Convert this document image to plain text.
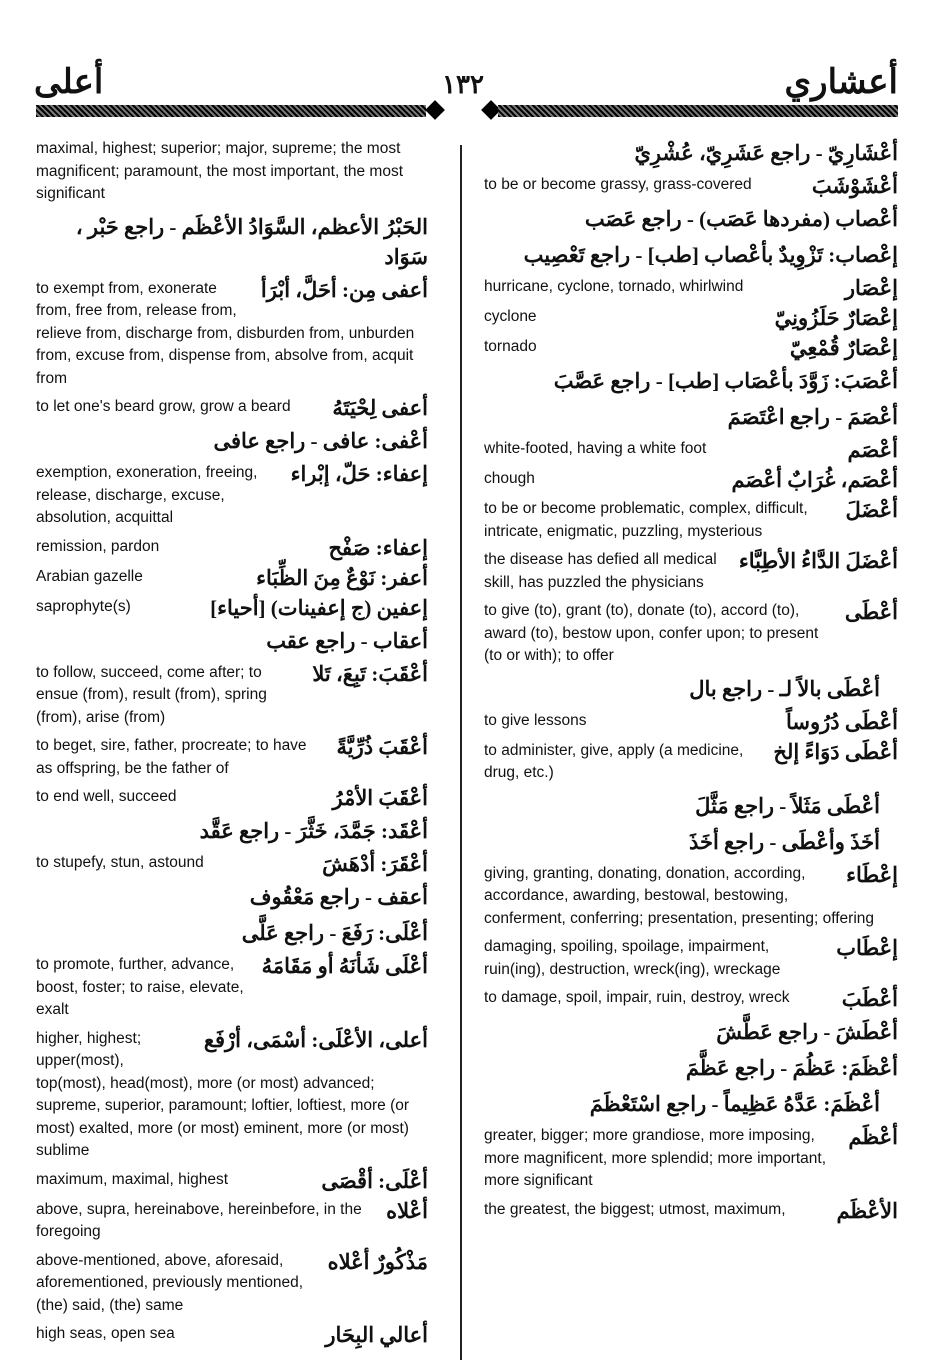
أعلى	١٣٢	أعشاري
maximal, highest; superior; major, supreme; the most magnificent; paramount, the most important, the most significant
الحَبْرُ الأعظم، السَّوَادُ الأعْظَم - راجع حَبْر ، سَوَاد
أعفى مِن: أحَلَّ، أبْرَأ
to exempt from, exonerate from, free from, release from, relieve from, discharge from, disburden from, unburden from, excuse from, dispense from, absolve from, acquit from
أعفى لِحْيَتَهُ
to let one's beard grow, grow a beard
أعْفى: عافى - راجع عافى
إعفاء: حَلّ، إبْراء
exemption, exoneration, freeing, release, discharge, excuse, absolution, acquittal
إعفاء: صَفْح
remission, pardon
أعفر: نَوْعٌ مِنَ الظِّبَاء
Arabian gazelle
إعفين (ج إعفينات) [أحياء]
saprophyte(s)
أعقاب - راجع عقب
أعْقَبَ: تَبِعَ، تَلا
to follow, succeed, come after; to ensue (from), result (from), spring (from), arise (from)
أعْقَبَ ذُرِّيَّةً
to beget, sire, father, procreate; to have as offspring, be the father of
أعْقَبَ الأمْرُ
to end well, succeed
أعْقَد: جَمَّدَ، خَثَّرَ - راجع عَقَّد
أعْقَرَ: أدْهَشَ
to stupefy, stun, astound
أعقف - راجع مَعْقُوف
أعْلَى: رَفَعَ - راجع عَلَّى
أعْلَى شَأنَهُ أو مَقَامَهُ
to promote, further, advance, boost, foster; to raise, elevate, exalt
أعلى، الأعْلَى: أسْمَى، أرْفَع
higher, highest; upper(most), top(most), head(most), more (or most) advanced; supreme, superior, paramount; loftier, loftiest, more (or most) exalted, more (or most) eminent, more (or most) sublime
أعْلَى: أقْصَى
maximum, maximal, highest
أعْلاه
above, supra, hereinabove, hereinbefore, in the foregoing
مَذْكُورٌ أعْلاه
above-mentioned, above, aforesaid, aforementioned, previously mentioned, (the) said, (the) same
أعالي البِحَار
high seas, open sea
أعْشَارِيّ - راجع عَشَرِيّ، عُشْرِيّ
أعْشَوْشَبَ
to be or become grassy, grass-covered
أعْصاب (مفردها عَصَب) - راجع عَصَب
إعْصاب: تَزْوِيدٌ بأعْصاب [طب] - راجع تَعْصِيب
إعْصَار
hurricane, cyclone, tornado, whirlwind
إعْصَارٌ حَلَزُونِيّ
cyclone
إعْصَارٌ قُمْعِيّ
tornado
أعْصَبَ: زَوَّدَ بأعْصَاب [طب] - راجع عَصَّبَ
أعْصَمَ - راجع اعْتَصَمَ
أعْصَم
white-footed, having a white foot
أعْصَم، غُرَابٌ أعْصَم
chough
أعْضَلَ
to be or become problematic, complex, difficult, intricate, enigmatic, puzzling, mysterious
أعْضَلَ الدَّاءُ الأطِبَّاء
the disease has defied all medical skill, has puzzled the physicians
أعْطَى
to give (to), grant (to), donate (to), accord (to), award (to), bestow upon, confer upon; to present (to or with); to offer
أعْطَى بالاً لـ - راجع بال
أعْطَى دُرُوساً
to give lessons
أعْطَى دَوَاءً إلخ
to administer, give, apply (a medicine, drug, etc.)
أعْطَى مَثَلاً - راجع مَثَّلَ
أخَذَ وأعْطَى - راجع أخَذَ
إعْطَاء
giving, granting, donating, donation, according, accordance, awarding, bestowal, bestowing, conferment, conferring; presentation, presenting; offering
إعْطَاب
damaging, spoiling, spoilage, impairment, ruin(ing), destruction, wreck(ing), wreckage
أعْطَبَ
to damage, spoil, impair, ruin, destroy, wreck
أعْطَشَ - راجع عَطَّشَ
أعْظَمَ: عَظُمَ - راجع عَظَّمَ
أعْظَمَ: عَدَّهُ عَظِيماً - راجع اسْتَعْظَمَ
أعْظَم
greater, bigger; more grandiose, more imposing, more magnificent, more splendid; more important, more significant
الأعْظَم
the greatest, the biggest; utmost, maximum,
